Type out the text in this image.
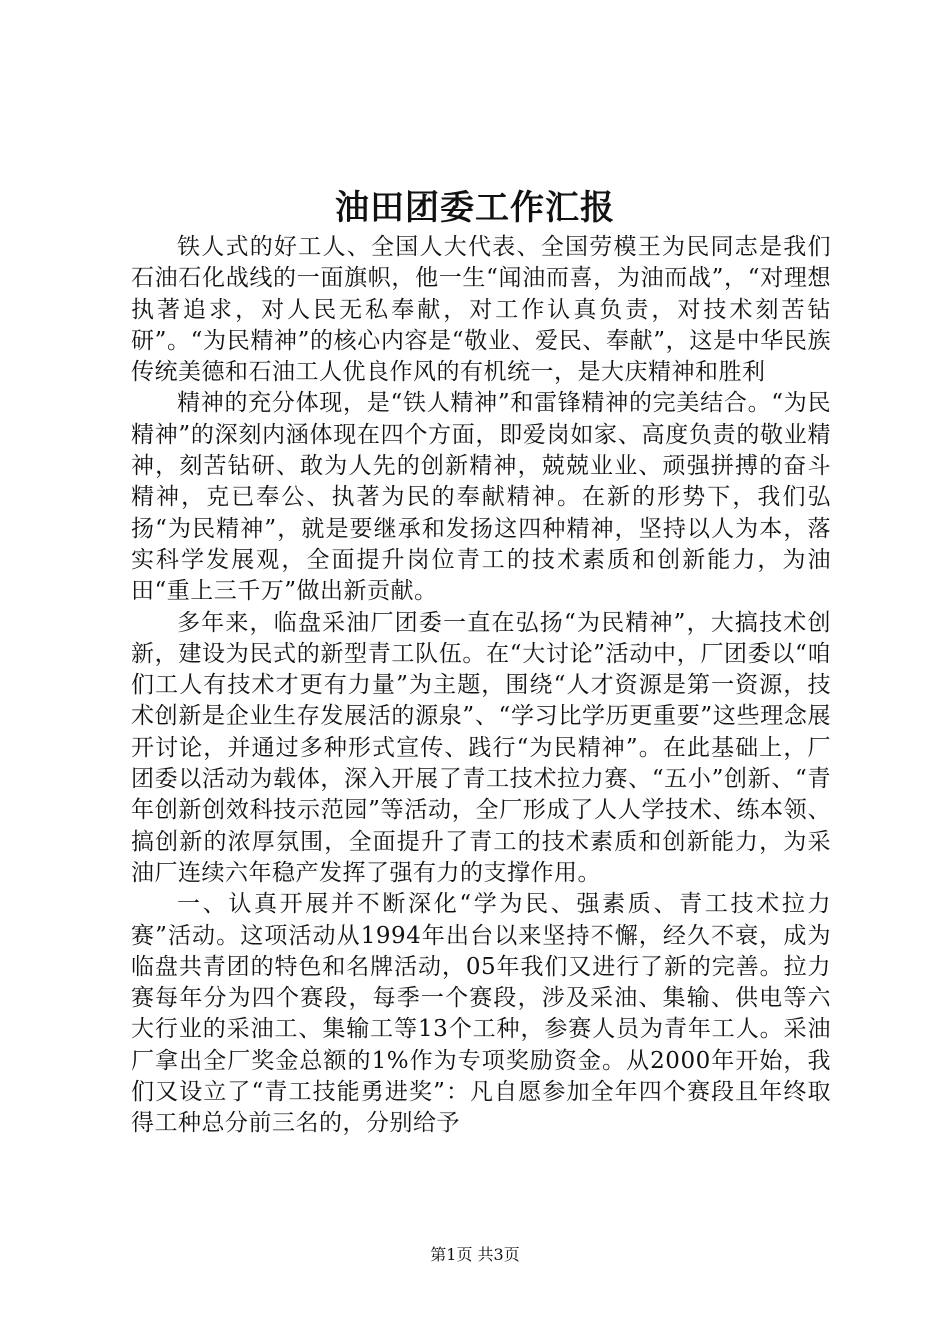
油田团委工作汇报

铁人式的好工人、全国人大代表、全国劳模王为民同志是我们石油石化战线的一面旗帜，他一生“闻油而喜，为油而战”，“对理想执著追求，对人民无私奉献，对工作认真负责，对技术刻苦钻研”。“为民精神”的核心内容是“敬业、爱民、奉献”，这是中华民族传统美德和石油工人优良作风的有机统一，是大庆精神和胜利

精神的充分体现，是“铁人精神”和雷锋精神的完美结合。“为民精神”的深刻内涵体现在四个方面，即爱岗如家、高度负责的敬业精神，刻苦钻研、敢为人先的创新精神，兢兢业业、顽强拼搏的奋斗精神，克已奉公、执著为民的奉献精神。在新的形势下，我们弘扬“为民精神”，就是要继承和发扬这四种精神，坚持以人为本，落实科学发展观，全面提升岗位青工的技术素质和创新能力，为油田“重上三千万”做出新贡献。

多年来，临盘采油厂团委一直在弘扬“为民精神”，大搞技术创新，建设为民式的新型青工队伍。在“大讨论”活动中，厂团委以“咱们工人有技术才更有力量”为主题，围绕“人才资源是第一资源，技术创新是企业生存发展活的源泉”、“学习比学历更重要”这些理念展开讨论，并通过多种形式宣传、践行“为民精神”。在此基础上，厂团委以活动为载体，深入开展了青工技术拉力赛、“五小”创新、“青年创新创效科技示范园”等活动，全厂形成了人人学技术、练本领、搞创新的浓厚氛围，全面提升了青工的技术素质和创新能力，为采油厂连续六年稳产发挥了强有力的支撑作用。

一、认真开展并不断深化“学为民、强素质、青工技术拉力赛”活动。这项活动从1994年出台以来坚持不懈，经久不衰，成为临盘共青团的特色和名牌活动，05年我们又进行了新的完善。拉力赛每年分为四个赛段，每季一个赛段，涉及采油、集输、供电等六大行业的采油工、集输工等13个工种，参赛人员为青年工人。采油厂拿出全厂奖金总额的1%作为专项奖励资金。从2000年开始，我们又设立了“青工技能勇进奖”：凡自愿参加全年四个赛段且年终取得工种总分前三名的，分别给予

第1页 共3页
